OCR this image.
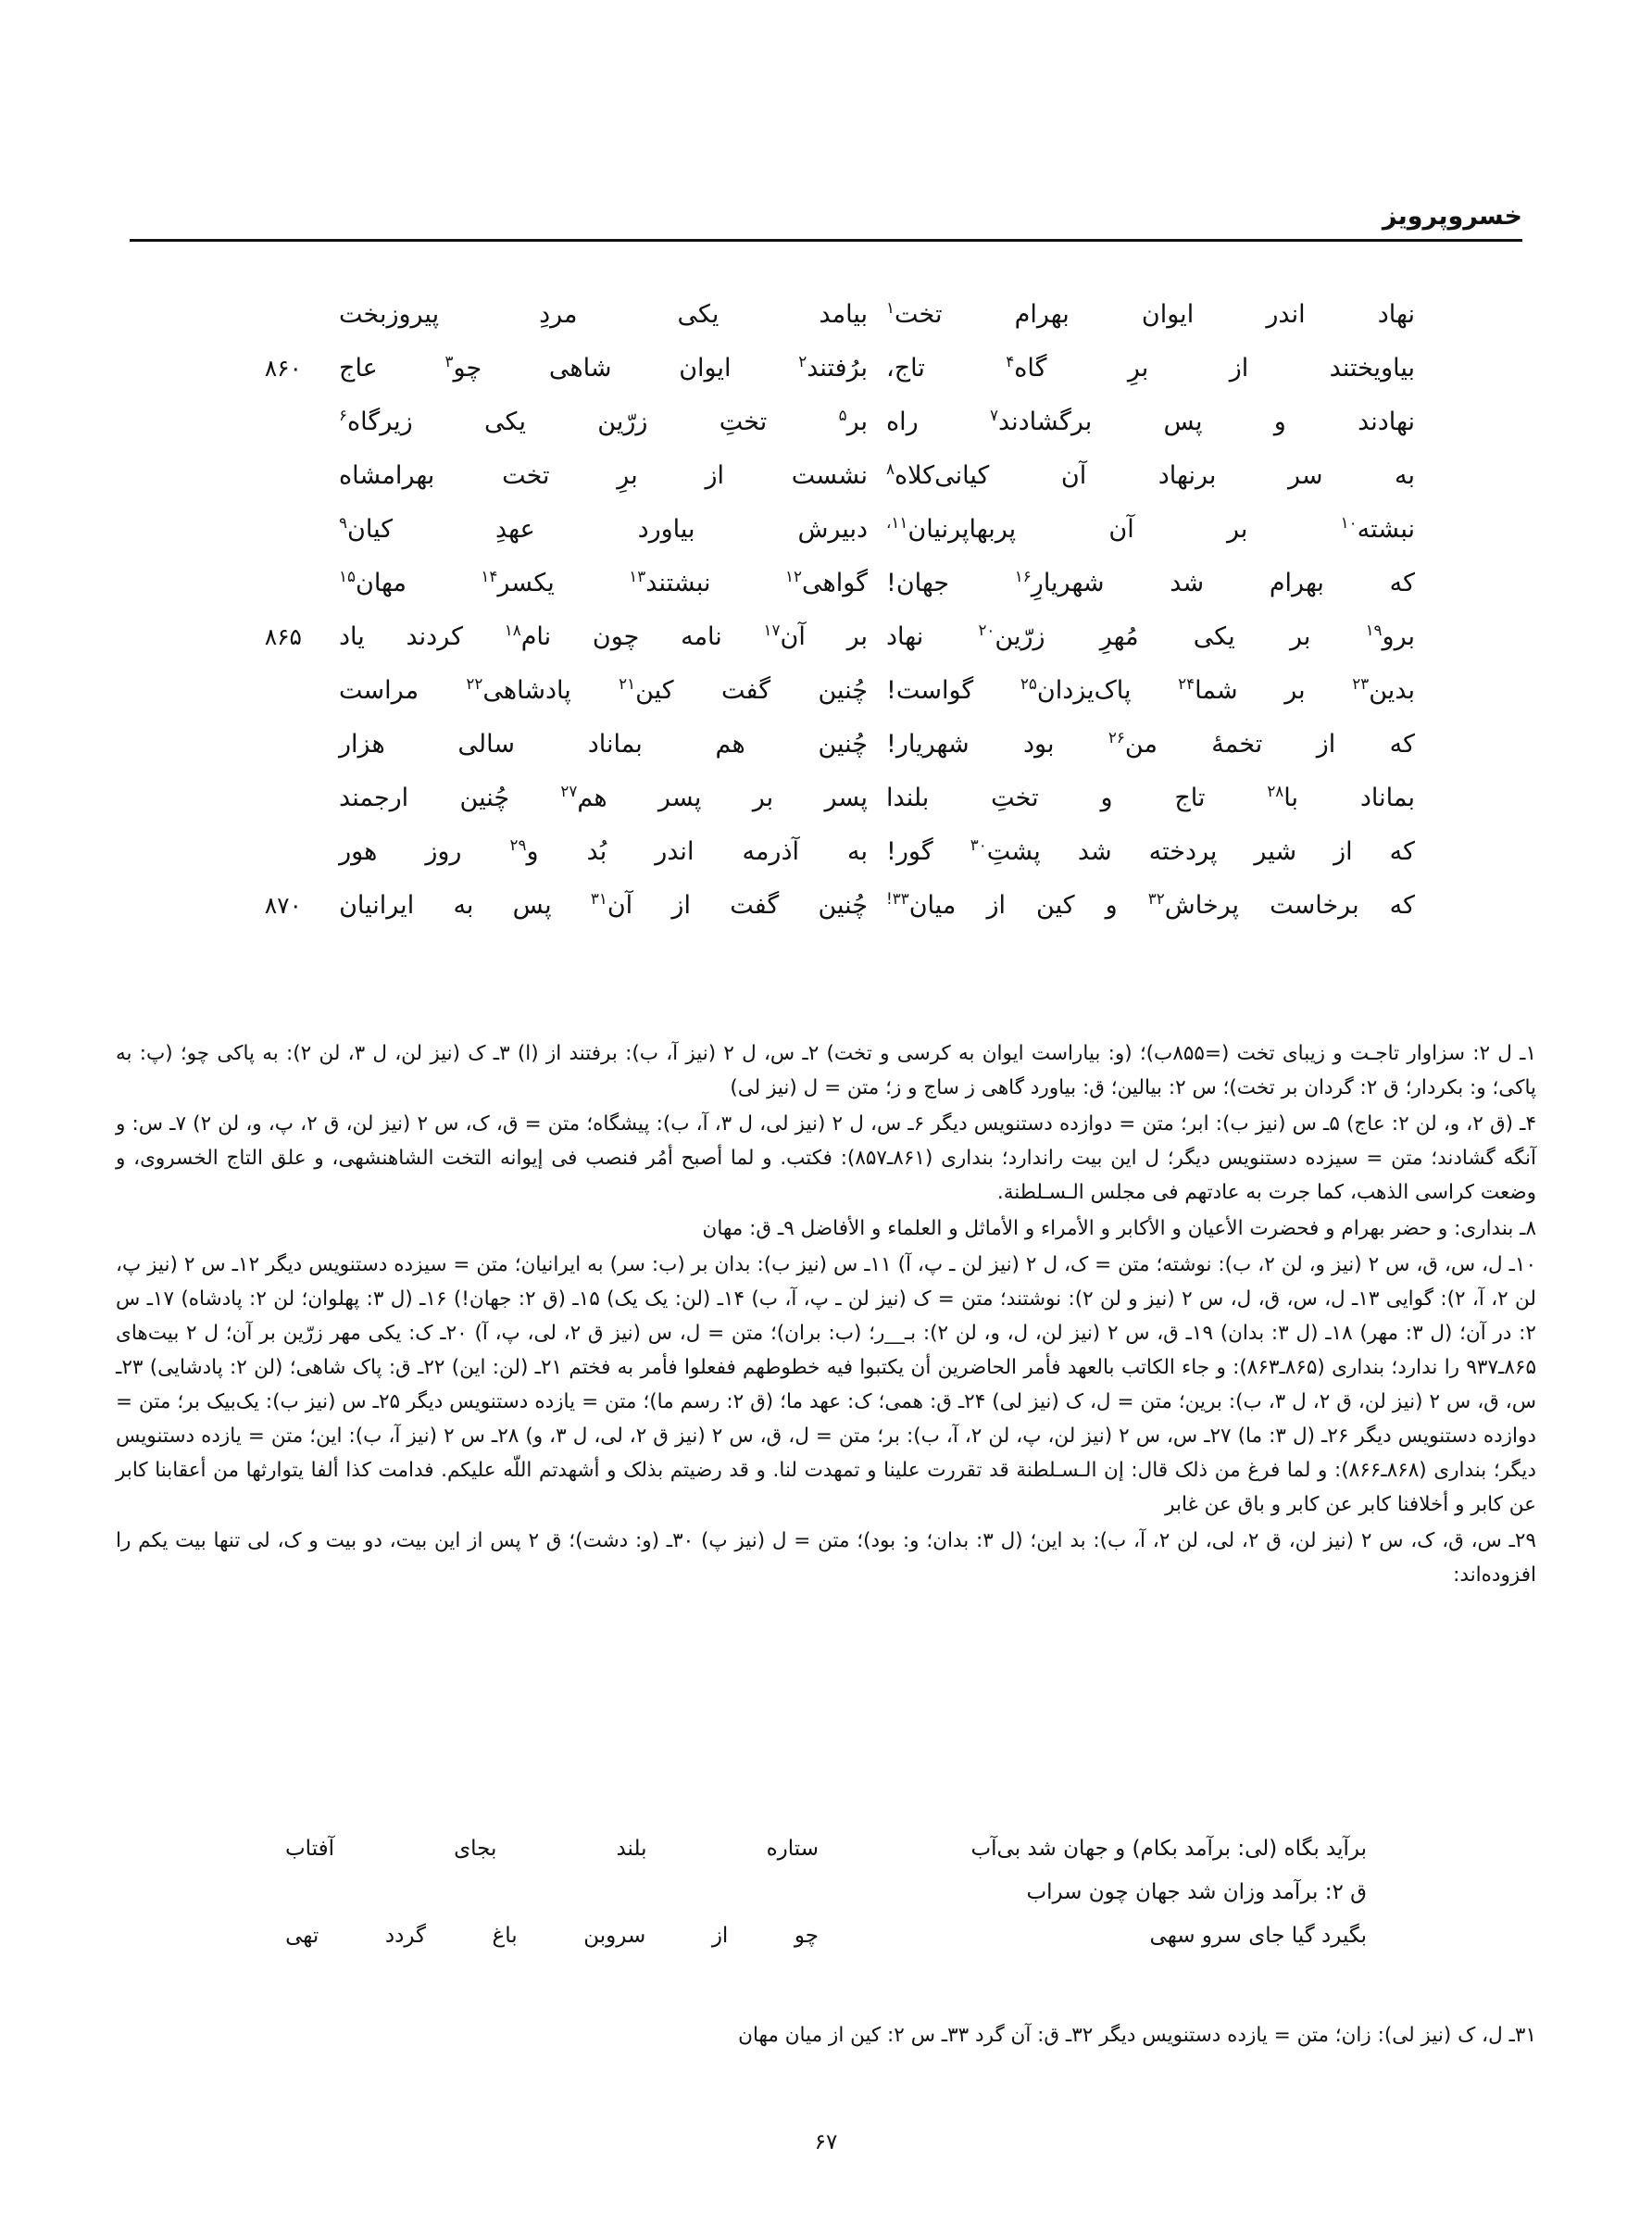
خسروپرویز
نهاد
اندر
ایوان
بهرام
تخت$^۱$
بیامد
یکی
مردِ
پیروزبخت
بیاویختند
از
برِ
گاه$^۴$
تاج،
برُفتند$^۲$
ایوان
شاهی
چو$^۳$
عاج
۸۶۰
نهادند
و
پس
برگشادند$^۷$
راه
بر$^۵$
تختِ
زرّین
یکی
زیرگاه$^۶$
به
سر
برنهاد
آن
کیانی‌کلاه$^۸$
نشست
از
برِ
تخت
بهرامشاه
نبشته$^{۱۰}$
بر
آن
پربهاپرنیان$^{۱۱،}$
دبیرش
بیاورد
عهدِ
کیان$^۹$
که
بهرام
شد
شهریارِ$^{۱۶}$
جهان!
گواهی$^{۱۲}$
نبشتند$^{۱۳}$
یکسر$^{۱۴}$
مهان$^{۱۵}$
برو$^{۱۹}$
بر
یکی
مُهرِ
زرّین$^{۲۰}$
نهاد
بر
آن$^{۱۷}$
نامه
چون
نام$^{۱۸}$
کردند
یاد
۸۶۵
بدین$^{۲۳}$
بر
شما$^{۲۴}$
پاک‌یزدان$^{۲۵}$
گواست!
چُنین
گفت
کین$^{۲۱}$
پادشاهی$^{۲۲}$
مراست
که
از
تخمهٔ
من$^{۲۶}$
بود
شهریار!
چُنین
هم
بماناد
سالی
هزار
بماناد
با$^{۲۸}$
تاج
و
تختِ
بلندا
پسر
بر
پسر
هم$^{۲۷}$
چُنین
ارجمند
که
از
شیر
پردخته
شد
پشتِ$^{۳۰}$
گور!
به
آذرمه
اندر
بُد
و$^{۲۹}$
روز
هور
که
برخاست
پرخاش$^{۳۲}$
و
کین
از
میان$^{۳۳!}$
چُنین
گفت
از
آن$^{۳۱}$
پس
به
ایرانیان
۸۷۰

۱ـ ل ۲: سزاوار تاجـت و زیبای تخت (=۸۵۵ب)؛ (و: بیاراست ایوان به کرسی و تخت) ۲ـ س، ل ۲ (نیز آ، ب): برفتند از (ا) ۳ـ ک (نیز لن، ل ۳، لن ۲): به پاکی چو؛ (پ: به پاکی؛ و: بکردار؛ ق ۲: گردان بر تخت)؛ س ۲: بیالین؛ ق: بیاورد گاهی ز ساج و ز؛ متن = ل (نیز لی)

۴ـ (ق ۲، و، لن ۲: عاج) ۵ـ س (نیز ب): ابر؛ متن = دوازده دستنویس دیگر ۶ـ س، ل ۲ (نیز لی، ل ۳، آ، ب): پیشگاه؛ متن = ق، ک، س ۲ (نیز لن، ق ۲، پ، و، لن ۲) ۷ـ س: و آنگه گشادند؛ متن = سیزده دستنویس دیگر؛ ل این بیت راندارد؛ بنداری (۸۶۱ـ۸۵۷): فکتب. و لما أصبح أمُر فنصب فی إیوانه التخت الشاهنشهی، و علق التاج الخسروی، و وضعت کراسی الذهب، کما جرت به عادتهم فی مجلس الـسـلطنة.

۸ـ بنداری: و حضر بهرام و فحضرت الأعیان و الأکابر و الأمراء و الأماثل و العلماء و الأفاضل ۹ـ ق: مهان

۱۰ـ ل، س، ق، س ۲ (نیز و، لن ۲، ب): نوشته؛ متن = ک، ل ۲ (نیز لن ـ پ، آ) ۱۱ـ س (نیز ب): بدان بر (ب: سر) به ایرانیان؛ متن = سیزده دستنویس دیگر ۱۲ـ س ۲ (نیز پ، لن ۲، آ، ۲): گوایی ۱۳ـ ل، س، ق، ل، س ۲ (نیز و لن ۲): نوشتند؛ متن = ک (نیز لن ـ پ، آ، ب) ۱۴ـ (لن: یک یک) ۱۵ـ (ق ۲: جهان!) ۱۶ـ (ل ۳: پهلوان؛ لن ۲: پادشاه) ۱۷ـ س ۲: در آن؛ (ل ۳: مهر) ۱۸ـ (ل ۳: بدان) ۱۹ـ ق، س ۲ (نیز لن، ل، و، لن ۲): بـ__ر؛ (ب: بران)؛ متن = ل، س (نیز ق ۲، لی، پ، آ) ۲۰ـ ک: یکی مهر زرّین بر آن؛ ل ۲ بیت‌های ۸۶۵ـ۹۳۷ را ندارد؛ بنداری (۸۶۵ـ۸۶۳): و جاء الکاتب بالعهد فأمر الحاضرین أن یکتبوا فیه خطوطهم ففعلوا فأمر به فختم ۲۱ـ (لن: این) ۲۲ـ ق: پاک شاهی؛ (لن ۲: پادشایی) ۲۳ـ س، ق، س ۲ (نیز لن، ق ۲، ل ۳، ب): برین؛ متن = ل، ک (نیز لی) ۲۴ـ ق: همی؛ ک: عهد ما؛ (ق ۲: رسم ما)؛ متن = یازده دستنویس دیگر ۲۵ـ س (نیز ب): یک‌بیک بر؛ متن = دوازده دستنویس دیگر ۲۶ـ (ل ۳: ما) ۲۷ـ س، س ۲ (نیز لن، پ، لن ۲، آ، ب): بر؛ متن = ل، ق، س ۲ (نیز ق ۲، لی، ل ۳، و) ۲۸ـ س ۲ (نیز آ، ب): این؛ متن = یازده دستنویس دیگر؛ بنداری (۸۶۸ـ۸۶۶): و لما فرغ من ذلک قال: إن الـسـلطنة قد تقررت علینا و تمهدت لنا. و قد رضیتم بذلک و أشهدتم اللّه علیکم. فدامت کذا ألفا یتوارثها من أعقابنا کابر عن کابر و أخلافنا کابر عن کابر و باق عن غابر

۲۹ـ س، ق، ک، س ۲ (نیز لن، ق ۲، لی، لن ۲، آ، ب): بد این؛ (ل ۳: بدان؛ و: بود)؛ متن = ل (نیز پ) ۳۰ـ (و: دشت)؛ ق ۲ پس از این بیت، دو بیت و ک، لی تنها بیت یکم را افزوده‌اند:

برآید بگاه (لی: برآمد بکام) و جهان شد بی‌آب
ستاره
بلند
بجای
آفتاب
ق ۲: برآمد وزان شد جهان چون سراب
بگیرد گیا جای سرو سهی
چو
از
سروبن
باغ
گردد
تهی
۳۱ـ ل، ک (نیز لی): زان؛ متن = یازده دستنویس دیگر ۳۲ـ ق: آن گرد ۳۳ـ س ۲: کین از میان مهان
۶۷
